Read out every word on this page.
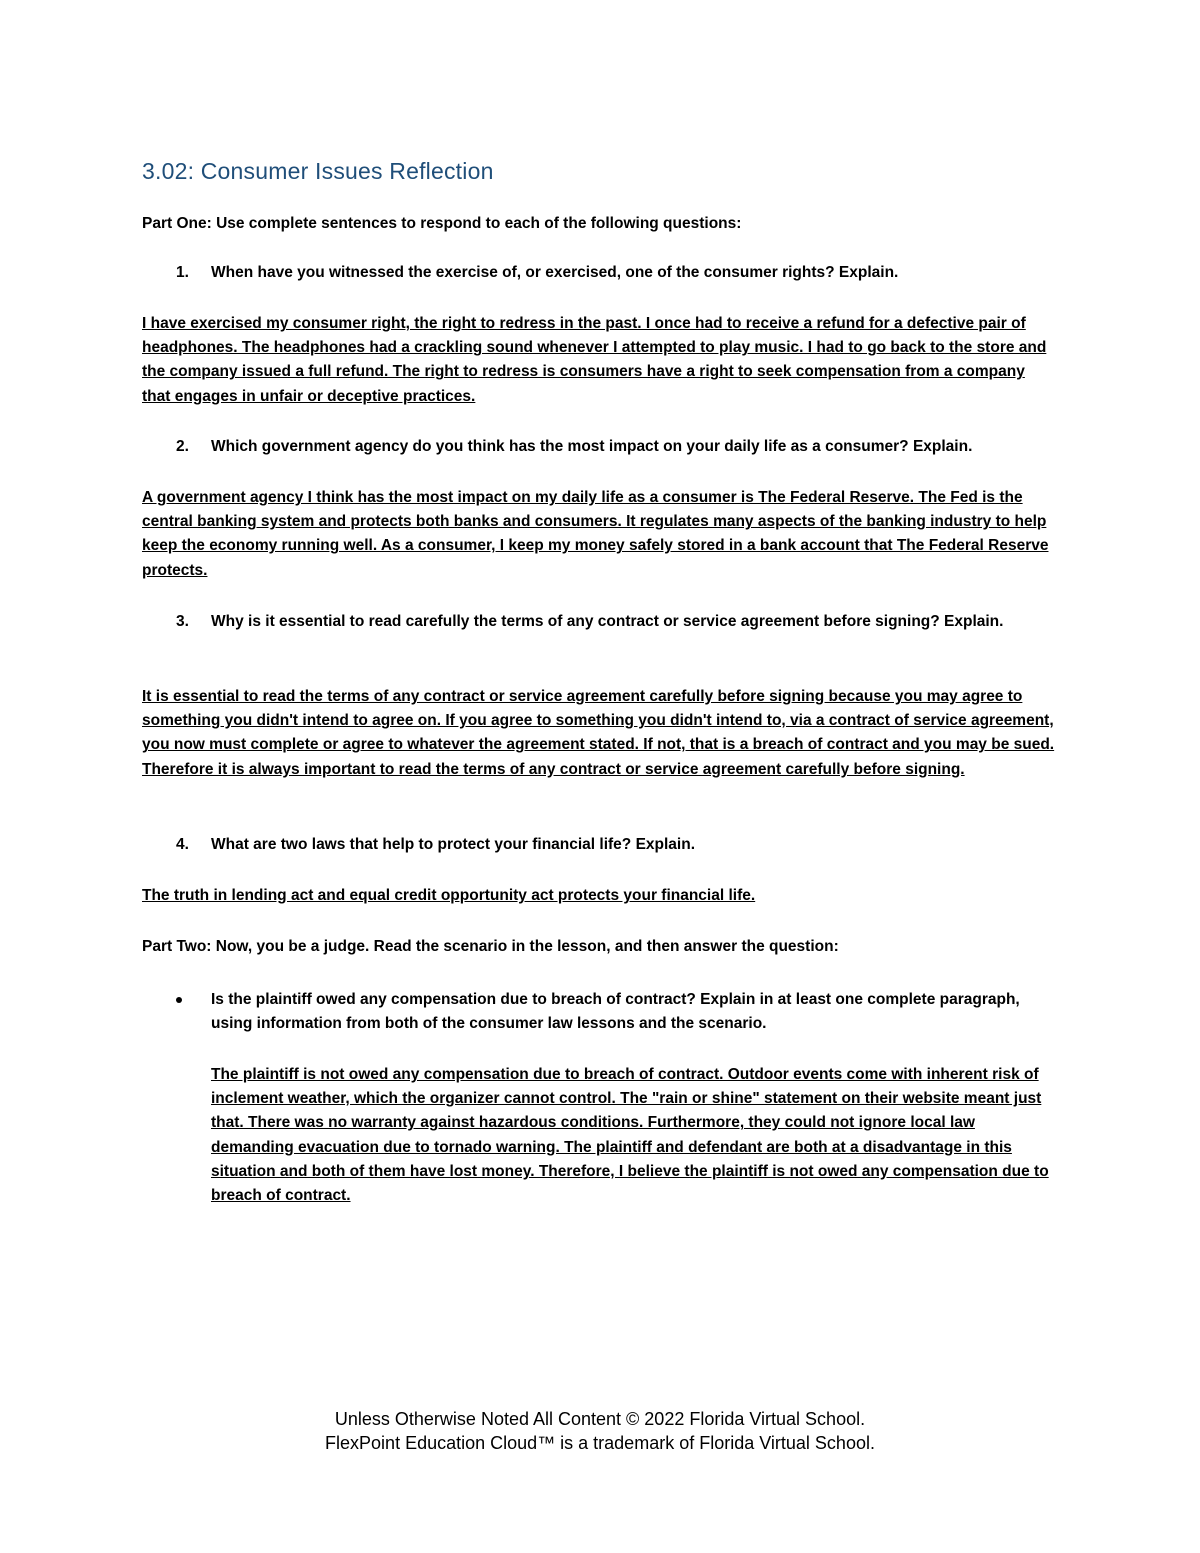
3.02: Consumer Issues Reflection

Part One: Use complete sentences to respond to each of the following questions:

1. When have you witnessed the exercise of, or exercised, one of the consumer rights? Explain.

I have exercised my consumer right, the right to redress in the past. I once had to receive a refund for a defective pair of headphones. The headphones had a crackling sound whenever I attempted to play music. I had to go back to the store and the company issued a full refund. The right to redress is consumers have a right to seek compensation from a company that engages in unfair or deceptive practices.

2. Which government agency do you think has the most impact on your daily life as a consumer? Explain.

A government agency I think has the most impact on my daily life as a consumer is The Federal Reserve. The Fed is the central banking system and protects both banks and consumers. It regulates many aspects of the banking industry to help keep the economy running well. As a consumer, I keep my money safely stored in a bank account that The Federal Reserve protects.

3. Why is it essential to read carefully the terms of any contract or service agreement before signing? Explain.

It is essential to read the terms of any contract or service agreement carefully before signing because you may agree to something you didn't intend to agree on. If you agree to something you didn't intend to, via a contract of service agreement, you now must complete or agree to whatever the agreement stated. If not, that is a breach of contract and you may be sued. Therefore it is always important to read the terms of any contract or service agreement carefully before signing.

4. What are two laws that help to protect your financial life? Explain.

The truth in lending act and equal credit opportunity act protects your financial life.

Part Two: Now, you be a judge. Read the scenario in the lesson, and then answer the question:

Is the plaintiff owed any compensation due to breach of contract? Explain in at least one complete paragraph, using information from both of the consumer law lessons and the scenario.

The plaintiff is not owed any compensation due to breach of contract. Outdoor events come with inherent risk of inclement weather, which the organizer cannot control. The "rain or shine" statement on their website meant just that. There was no warranty against hazardous conditions. Furthermore, they could not ignore local law demanding evacuation due to tornado warning. The plaintiff and defendant are both at a disadvantage in this situation and both of them have lost money. Therefore, I believe the plaintiff is not owed any compensation due to breach of contract.

Unless Otherwise Noted All Content © 2022 Florida Virtual School.
FlexPoint Education Cloud™ is a trademark of Florida Virtual School.
